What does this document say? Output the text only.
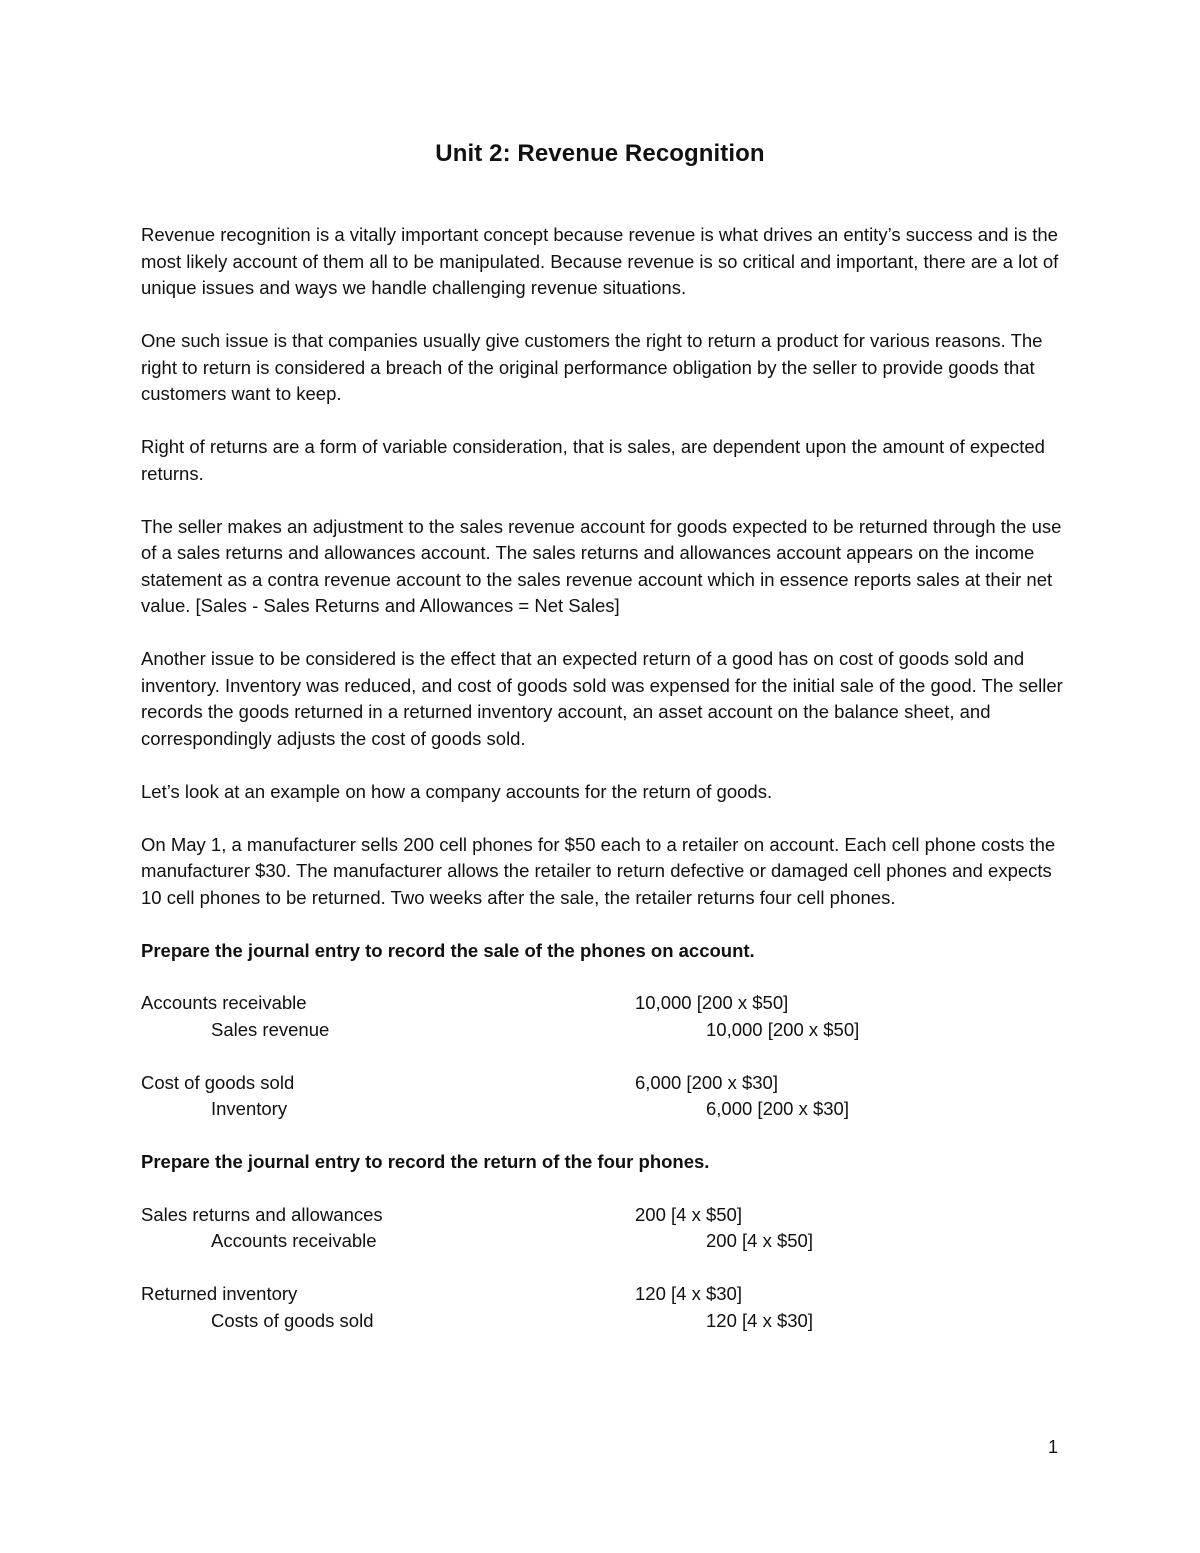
Unit 2: Revenue Recognition

Revenue recognition is a vitally important concept because revenue is what drives an entity’s success and is the most likely account of them all to be manipulated. Because revenue is so critical and important, there are a lot of unique issues and ways we handle challenging revenue situations.

One such issue is that companies usually give customers the right to return a product for various reasons. The right to return is considered a breach of the original performance obligation by the seller to provide goods that customers want to keep.

Right of returns are a form of variable consideration, that is sales, are dependent upon the amount of expected returns.

The seller makes an adjustment to the sales revenue account for goods expected to be returned through the use of a sales returns and allowances account. The sales returns and allowances account appears on the income statement as a contra revenue account to the sales revenue account which in essence reports sales at their net value. [Sales - Sales Returns and Allowances = Net Sales]

Another issue to be considered is the effect that an expected return of a good has on cost of goods sold and inventory. Inventory was reduced, and cost of goods sold was expensed for the initial sale of the good. The seller records the goods returned in a returned inventory account, an asset account on the balance sheet, and correspondingly adjusts the cost of goods sold.

Let’s look at an example on how a company accounts for the return of goods.

On May 1, a manufacturer sells 200 cell phones for $50 each to a retailer on account. Each cell phone costs the manufacturer $30. The manufacturer allows the retailer to return defective or damaged cell phones and expects 10 cell phones to be returned. Two weeks after the sale, the retailer returns four cell phones.

Prepare the journal entry to record the sale of the phones on account.
Accounts receivable	10,000 [200 x $50]
Sales revenue	10,000 [200 x $50]
Cost of goods sold	6,000 [200 x $30]
Inventory	6,000 [200 x $30]
Prepare the journal entry to record the return of the four phones.
Sales returns and allowances	200 [4 x $50]
Accounts receivable	200 [4 x $50]
Returned inventory	120 [4 x $30]
Costs of goods sold	120 [4 x $30]
1
